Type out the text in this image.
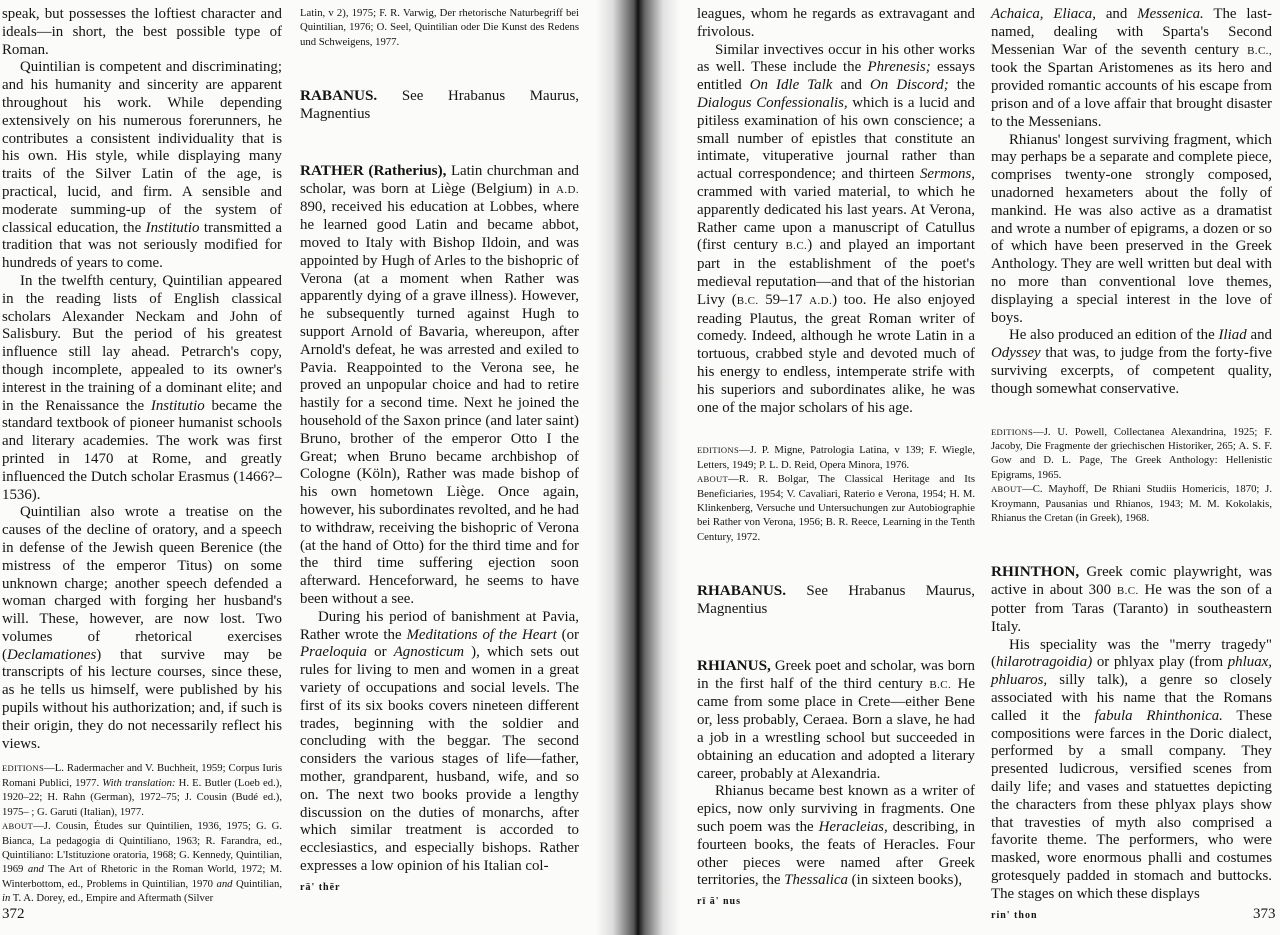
speak, but possesses the loftiest character and ideals—in short, the best possible type of Roman.

Quintilian is competent and discriminating; and his humanity and sincerity are apparent throughout his work. While depending extensively on his numerous forerunners, he contributes a consistent individuality that is his own. His style, while displaying many traits of the Silver Latin of the age, is practical, lucid, and firm. A sensible and moderate summing-up of the system of classical education, the Institutio transmitted a tradition that was not seriously modified for hundreds of years to come.

In the twelfth century, Quintilian appeared in the reading lists of English classical scholars Alexander Neckam and John of Salisbury. But the period of his greatest influence still lay ahead. Petrarch's copy, though incomplete, appealed to its owner's interest in the training of a dominant elite; and in the Renaissance the Institutio became the standard textbook of pioneer humanist schools and literary academies. The work was first printed in 1470 at Rome, and greatly influenced the Dutch scholar Erasmus (1466?–1536).

Quintilian also wrote a treatise on the causes of the decline of oratory, and a speech in defense of the Jewish queen Berenice (the mistress of the emperor Titus) on some unknown charge; another speech defended a woman charged with forging her husband's will. These, however, are now lost. Two volumes of rhetorical exercises (Declamationes) that survive may be transcripts of his lecture courses, since these, as he tells us himself, were published by his pupils without his authorization; and, if such is their origin, they do not necessarily reflect his views.

EDITIONS—L. Radermacher and V. Buchheit, 1959; Corpus Iuris Romani Publici, 1977. With translation: H. E. Butler (Loeb ed.), 1920–22; H. Rahn (German), 1972–75; J. Cousin (Budé ed.), 1975– ; G. Garuti (Italian), 1977.

ABOUT—J. Cousin, Études sur Quintilien, 1936, 1975; G. G. Bianca, La pedagogia di Quintiliano, 1963; R. Farandra, ed., Quintiliano: L'Istituzione oratoria, 1968; G. Kennedy, Quintilian, 1969 and The Art of Rhetoric in the Roman World, 1972; M. Winterbottom, ed., Problems in Quintilian, 1970 and Quintilian, in T. A. Dorey, ed., Empire and Aftermath (Silver

Latin, v 2), 1975; F. R. Varwig, Der rhetorische Naturbegriff bei Quintilian, 1976; O. Seel, Quintilian oder Die Kunst des Redens und Schweigens, 1977.

RABANUS. See Hrabanus Maurus, Magnentius

RATHER (Ratherius), Latin churchman and scholar, was born at Liège (Belgium) in A.D. 890, received his education at Lobbes, where he learned good Latin and became abbot, moved to Italy with Bishop Ildoin, and was appointed by Hugh of Arles to the bishopric of Verona (at a moment when Rather was apparently dying of a grave illness). However, he subsequently turned against Hugh to support Arnold of Bavaria, whereupon, after Arnold's defeat, he was arrested and exiled to Pavia. Reappointed to the Verona see, he proved an unpopular choice and had to retire hastily for a second time. Next he joined the household of the Saxon prince (and later saint) Bruno, brother of the emperor Otto I the Great; when Bruno became archbishop of Cologne (Köln), Rather was made bishop of his own hometown Liège. Once again, however, his subordinates revolted, and he had to withdraw, receiving the bishopric of Verona (at the hand of Otto) for the third time and for the third time suffering ejection soon afterward. Henceforward, he seems to have been without a see.

During his period of banishment at Pavia, Rather wrote the Meditations of the Heart (or Praeloquia or Agnosticum ), which sets out rules for living to men and women in a great variety of occupations and social levels. The first of its six books covers nineteen different trades, beginning with the soldier and concluding with the beggar. The second considers the various stages of life—father, mother, grandparent, husband, wife, and so on. The next two books provide a lengthy discussion on the duties of monarchs, after which similar treatment is accorded to ecclesiastics, and especially bishops. Rather expresses a low opinion of his Italian col-

rā' thēr

leagues, whom he regards as extravagant and frivolous.

Similar invectives occur in his other works as well. These include the Phrenesis; essays entitled On Idle Talk and On Discord; the Dialogus Confessionalis, which is a lucid and pitiless examination of his own conscience; a small number of epistles that constitute an intimate, vituperative journal rather than actual correspondence; and thirteen Sermons, crammed with varied material, to which he apparently dedicated his last years. At Verona, Rather came upon a manuscript of Catullus (first century B.C.) and played an important part in the establishment of the poet's medieval reputation—and that of the historian Livy (B.C. 59–17 A.D.) too. He also enjoyed reading Plautus, the great Roman writer of comedy. Indeed, although he wrote Latin in a tortuous, crabbed style and devoted much of his energy to endless, intemperate strife with his superiors and subordinates alike, he was one of the major scholars of his age.

EDITIONS—J. P. Migne, Patrologia Latina, v 139; F. Wiegle, Letters, 1949; P. L. D. Reid, Opera Minora, 1976.

ABOUT—R. R. Bolgar, The Classical Heritage and Its Beneficiaries, 1954; V. Cavaliari, Raterio e Verona, 1954; H. M. Klinkenberg, Versuche und Untersuchungen zur Autobiographie bei Rather von Verona, 1956; B. R. Reece, Learning in the Tenth Century, 1972.

RHABANUS. See Hrabanus Maurus, Magnentius

RHIANUS, Greek poet and scholar, was born in the first half of the third century B.C. He came from some place in Crete—either Bene or, less probably, Ceraea. Born a slave, he had a job in a wrestling school but succeeded in obtaining an education and adopted a literary career, probably at Alexandria.

Rhianus became best known as a writer of epics, now only surviving in fragments. One such poem was the Heracleias, describing, in fourteen books, the feats of Heracles. Four other pieces were named after Greek territories, the Thessalica (in sixteen books),

rī ā' nus

Achaica, Eliaca, and Messenica. The last-named, dealing with Sparta's Second Messenian War of the seventh century B.C., took the Spartan Aristomenes as its hero and provided romantic accounts of his escape from prison and of a love affair that brought disaster to the Messenians.

Rhianus' longest surviving fragment, which may perhaps be a separate and complete piece, comprises twenty-one strongly composed, unadorned hexameters about the folly of mankind. He was also active as a dramatist and wrote a number of epigrams, a dozen or so of which have been preserved in the Greek Anthology. They are well written but deal with no more than conventional love themes, displaying a special interest in the love of boys.

He also produced an edition of the Iliad and Odyssey that was, to judge from the forty-five surviving excerpts, of competent quality, though somewhat conservative.

EDITIONS—J. U. Powell, Collectanea Alexandrina, 1925; F. Jacoby, Die Fragmente der griechischen Historiker, 265; A. S. F. Gow and D. L. Page, The Greek Anthology: Hellenistic Epigrams, 1965.

ABOUT—C. Mayhoff, De Rhiani Studiis Homericis, 1870; J. Kroymann, Pausanias und Rhianos, 1943; M. M. Kokolakis, Rhianus the Cretan (in Greek), 1968.

RHINTHON, Greek comic playwright, was active in about 300 B.C. He was the son of a potter from Taras (Taranto) in southeastern Italy.

His speciality was the "merry tragedy" (hilarotragoidia) or phlyax play (from phluax, phluaros, silly talk), a genre so closely associated with his name that the Romans called it the fabula Rhinthonica. These compositions were farces in the Doric dialect, performed by a small company. They presented ludicrous, versified scenes from daily life; and vases and statuettes depicting the characters from these phlyax plays show that travesties of myth also comprised a favorite theme. The performers, who were masked, wore enormous phalli and costumes grotesquely padded in stomach and buttocks. The stages on which these displays

rin' thon
372	373
